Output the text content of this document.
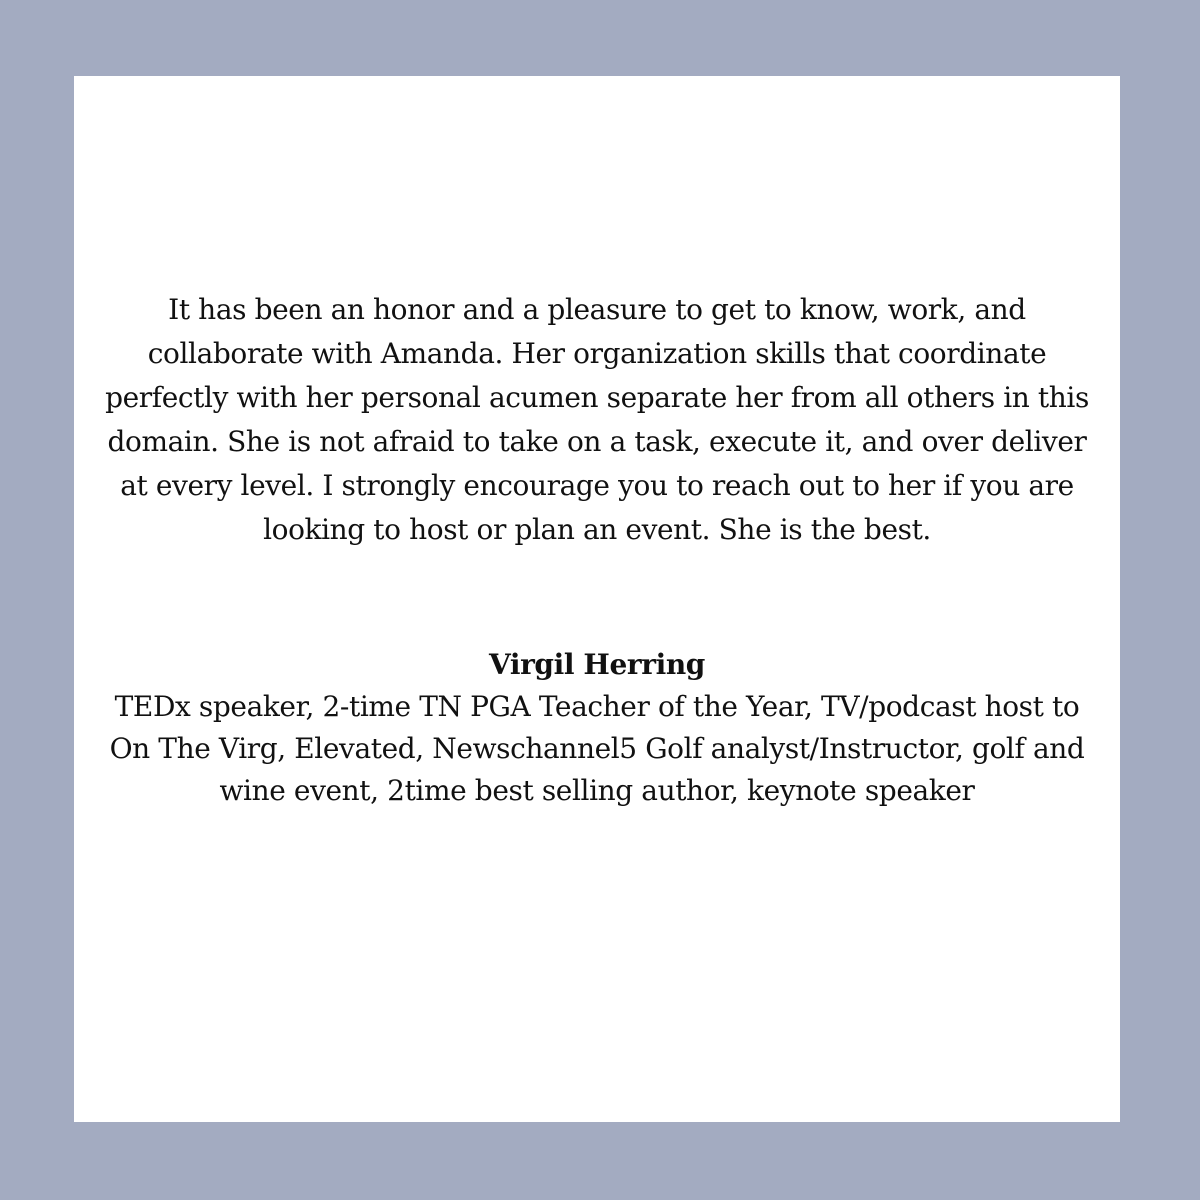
It has been an honor and a pleasure to get to know, work, and collaborate with Amanda. Her organization skills that coordinate perfectly with her personal acumen separate her from all others in this domain. She is not afraid to take on a task, execute it, and over deliver at every level. I strongly encourage you to reach out to her if you are looking to host or plan an event. She is the best.

Virgil Herring

TEDx speaker, 2-time TN PGA Teacher of the Year, TV/podcast host to On The Virg, Elevated, Newschannel5 Golf analyst/Instructor, golf and wine event, 2time best selling author, keynote speaker
